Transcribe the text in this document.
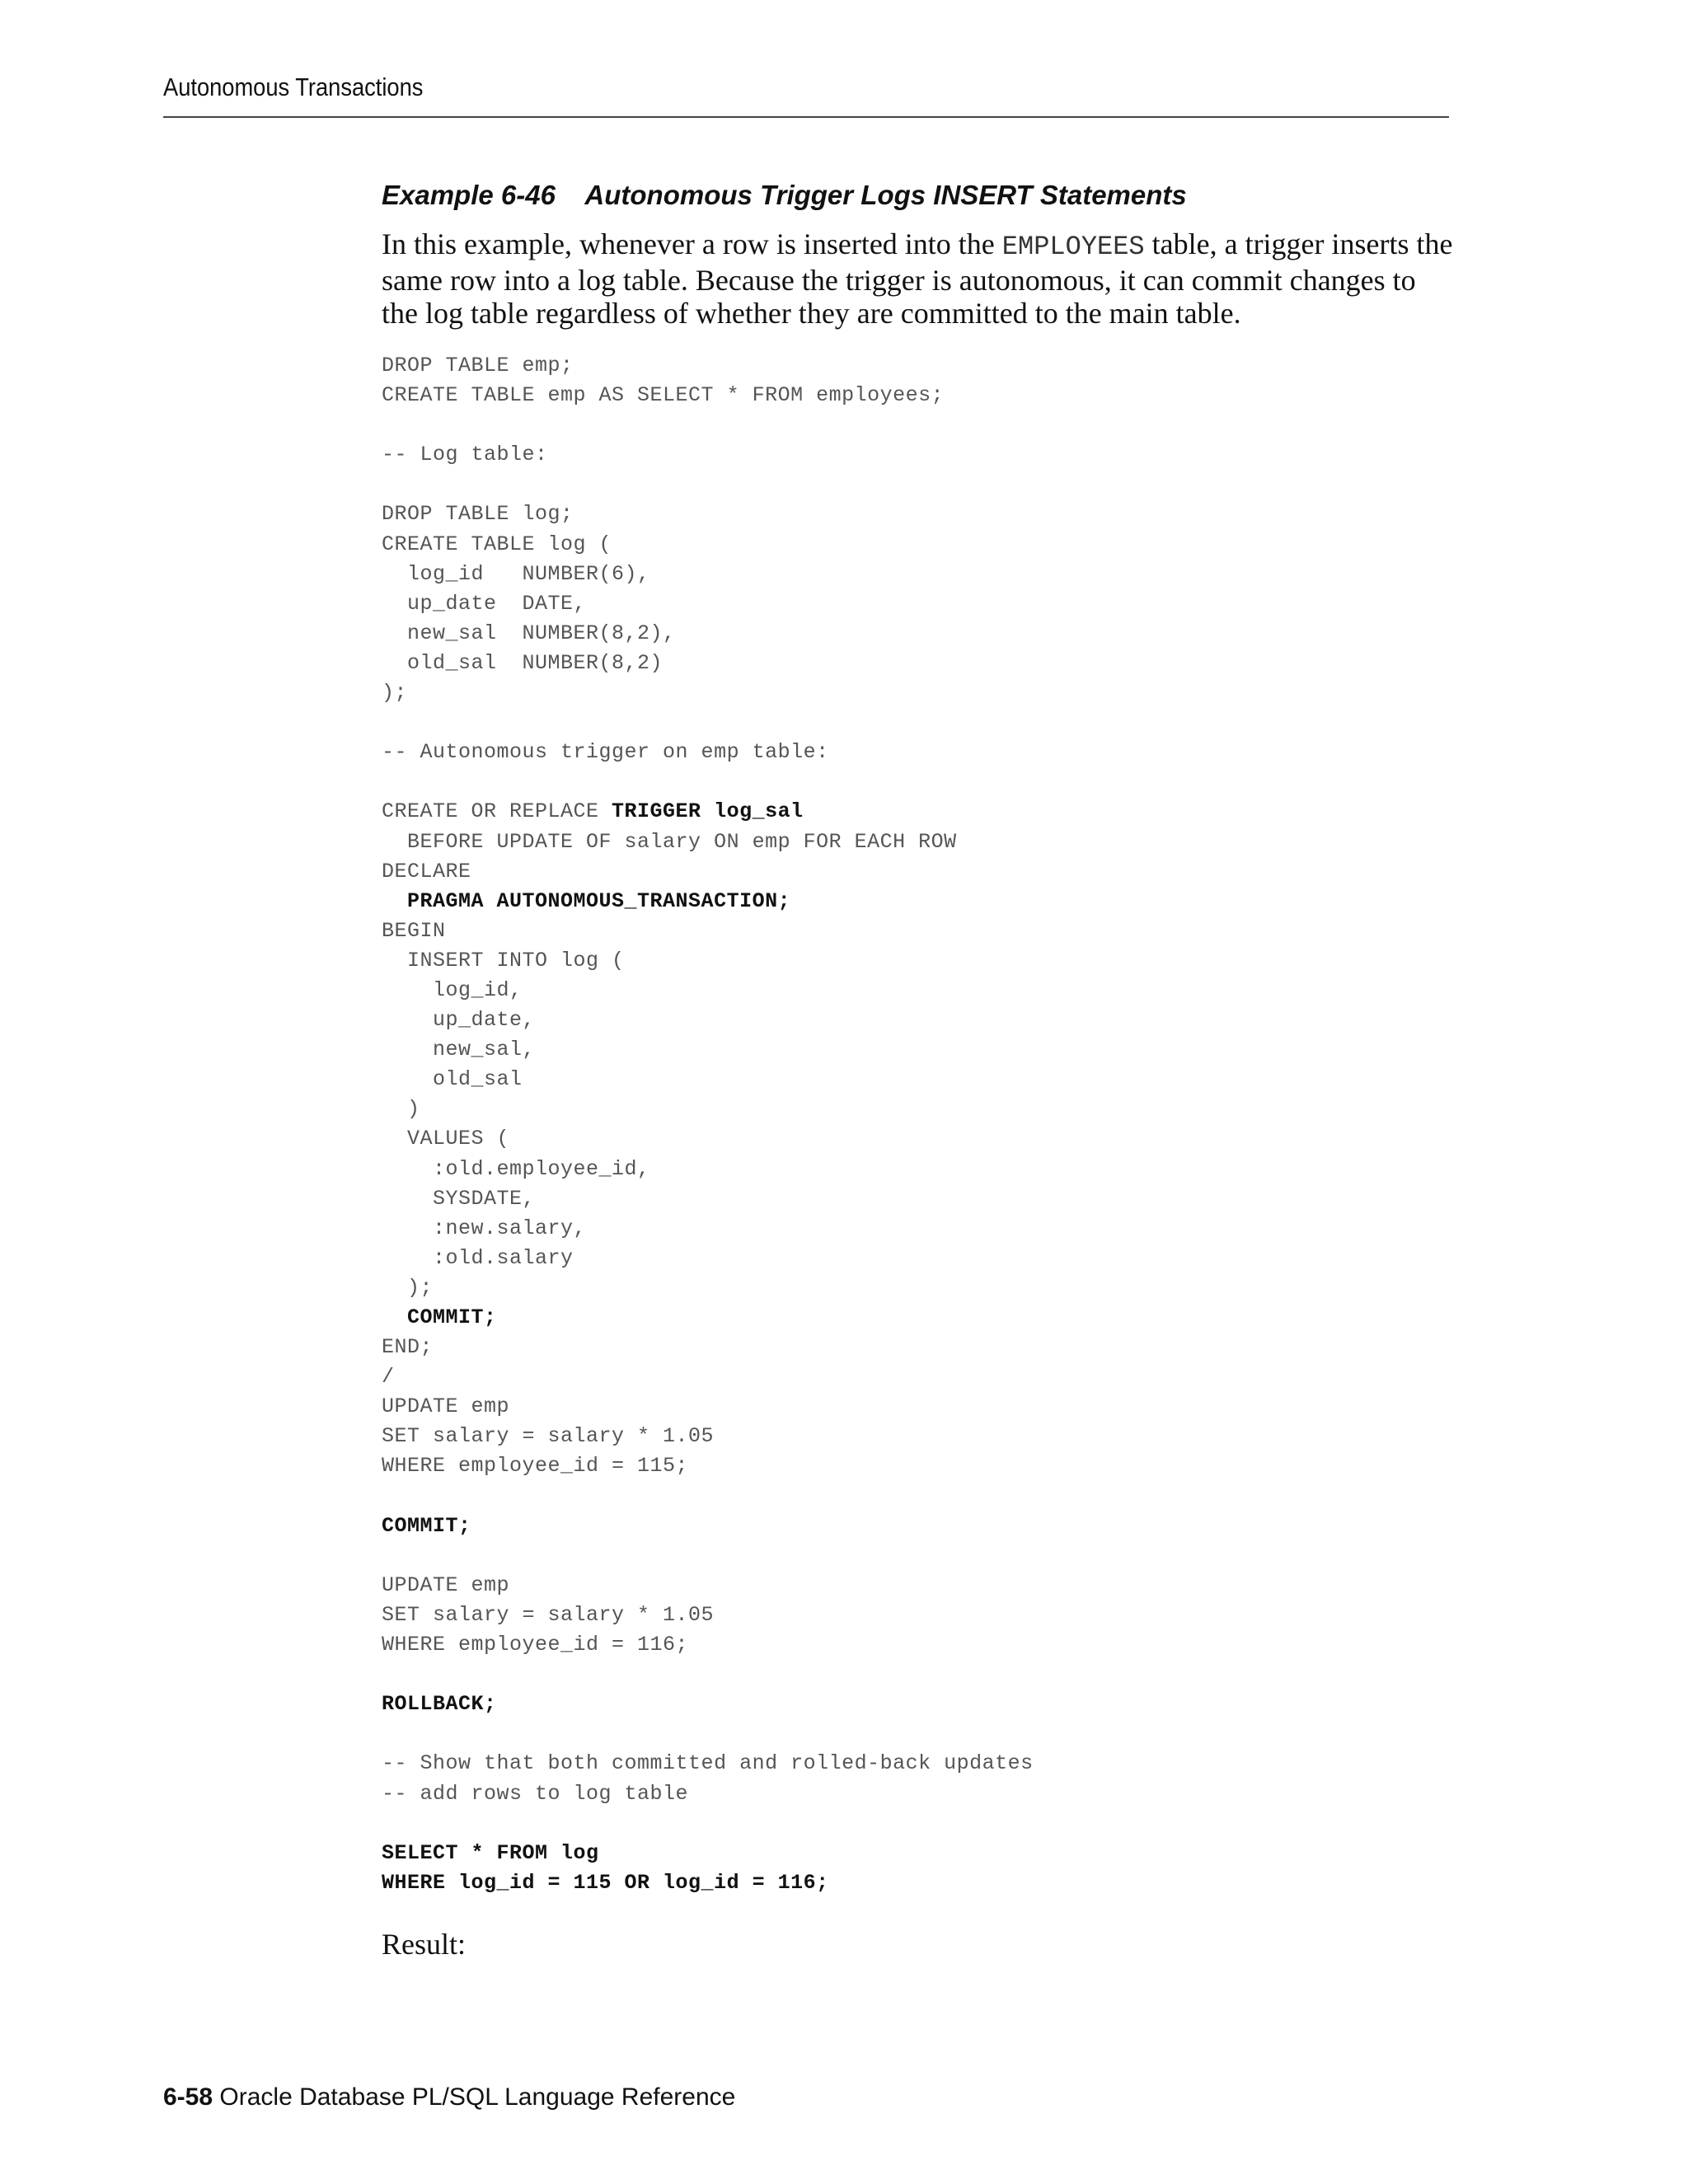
Autonomous Transactions
Example 6-46    Autonomous Trigger Logs INSERT Statements
In this example, whenever a row is inserted into the EMPLOYEES table, a trigger inserts the same row into a log table. Because the trigger is autonomous, it can commit changes to the log table regardless of whether they are committed to the main table.
DROP TABLE emp;
CREATE TABLE emp AS SELECT * FROM employees;

-- Log table:

DROP TABLE log;
CREATE TABLE log (
log_id   NUMBER(6),
up_date  DATE,
new_sal  NUMBER(8,2),
old_sal  NUMBER(8,2)
);

-- Autonomous trigger on emp table:

CREATE OR REPLACE TRIGGER log_sal
BEFORE UPDATE OF salary ON emp FOR EACH ROW
DECLARE
PRAGMA AUTONOMOUS_TRANSACTION;
BEGIN
INSERT INTO log (
log_id,
up_date,
new_sal,
old_sal
)
VALUES (
:old.employee_id,
SYSDATE,
:new.salary,
:old.salary
);
COMMIT;
END;
/
UPDATE emp
SET salary = salary * 1.05
WHERE employee_id = 115;

COMMIT;

UPDATE emp
SET salary = salary * 1.05
WHERE employee_id = 116;

ROLLBACK;

-- Show that both committed and rolled-back updates
-- add rows to log table

SELECT * FROM log
WHERE log_id = 115 OR log_id = 116;
Result:
6-58 Oracle Database PL/SQL Language Reference
